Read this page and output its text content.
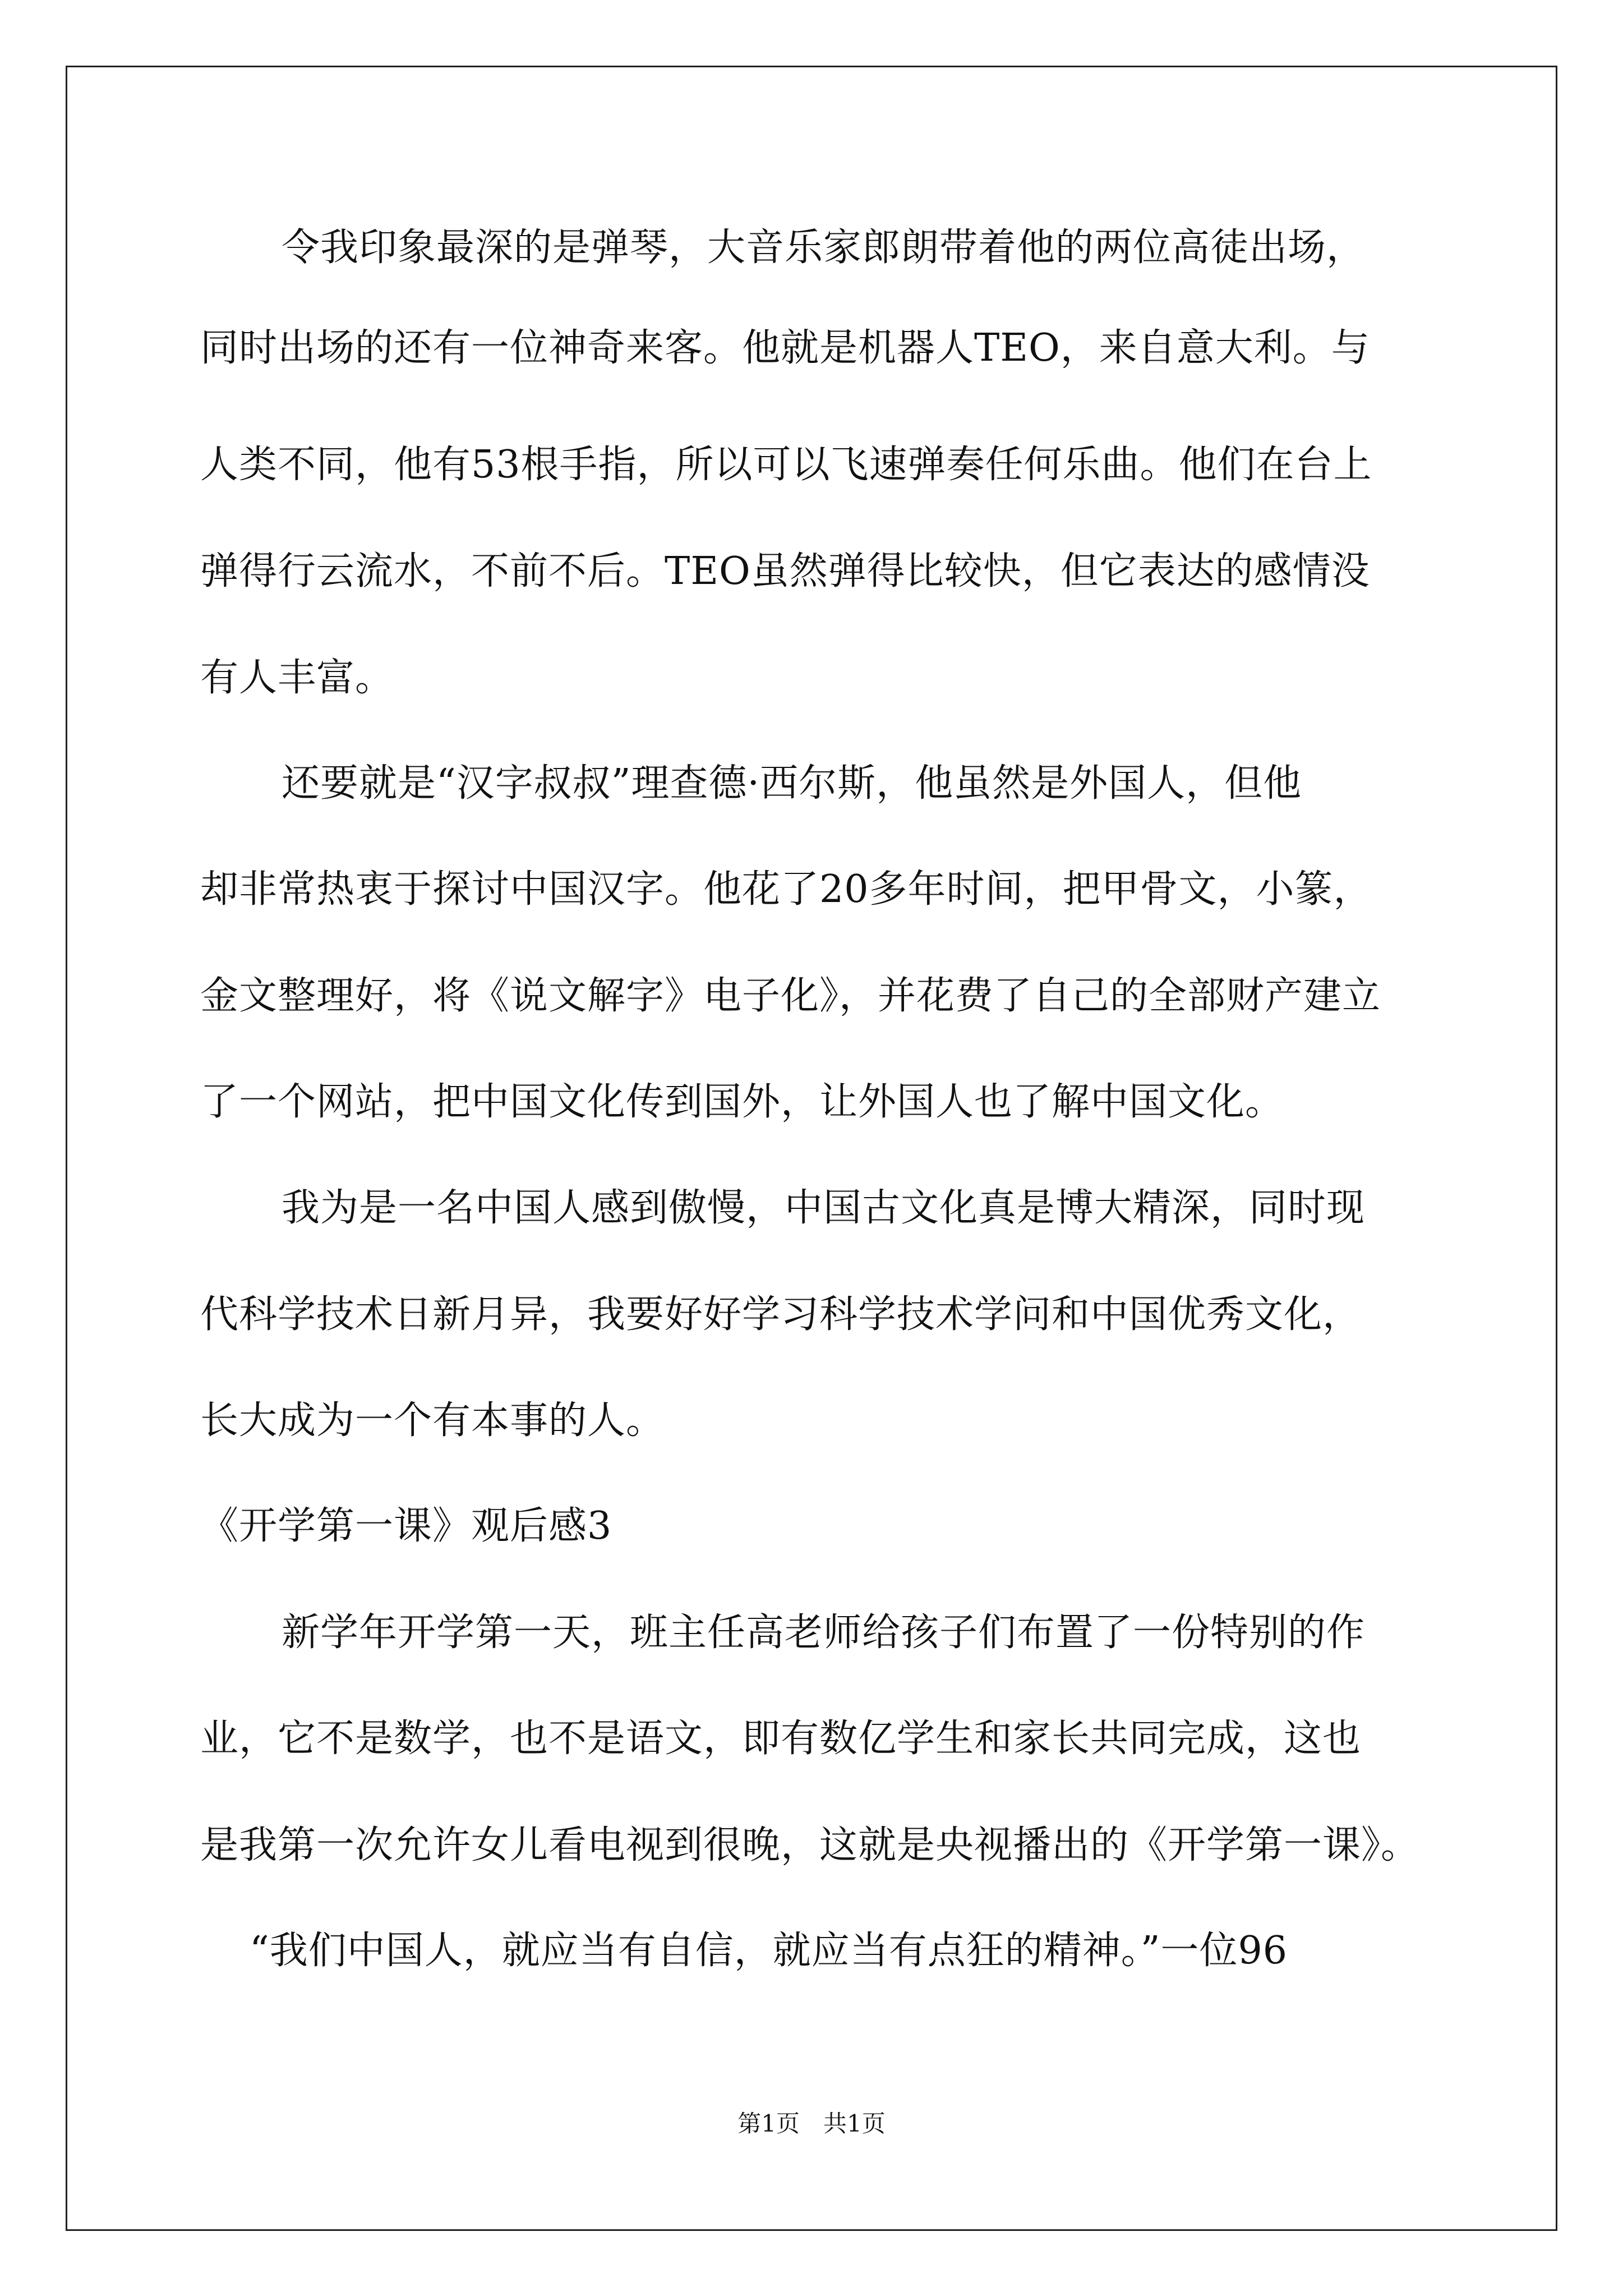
令我印象最深的是弹琴，大音乐家郎朗带着他的两位高徒出场，
同时出场的还有一位神奇来客。他就是机器人TEO，来自意大利。与
人类不同，他有53根手指，所以可以飞速弹奏任何乐曲。他们在台上
弹得行云流水，不前不后。TEO虽然弹得比较快，但它表达的感情没
有人丰富。
还要就是“汉字叔叔”理查德·西尔斯，他虽然是外国人，但他
却非常热衷于探讨中国汉字。他花了20多年时间，把甲骨文，小篆，
金文整理好，将《说文解字》电子化》，并花费了自己的全部财产建立
了一个网站，把中国文化传到国外，让外国人也了解中国文化。
我为是一名中国人感到傲慢，中国古文化真是博大精深，同时现
代科学技术日新月异，我要好好学习科学技术学问和中国优秀文化，
长大成为一个有本事的人。
《开学第一课》观后感3
新学年开学第一天，班主任高老师给孩子们布置了一份特别的作
业，它不是数学，也不是语文，即有数亿学生和家长共同完成，这也
是我第一次允许女儿看电视到很晚，这就是央视播出的《开学第一课》。
“我们中国人，就应当有自信，就应当有点狂的精神。”一位96
第1页　共1页
